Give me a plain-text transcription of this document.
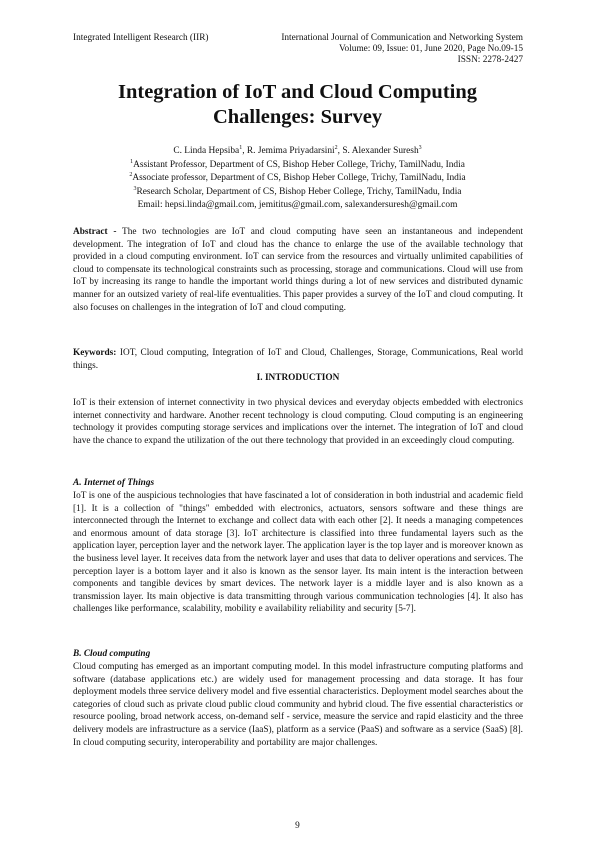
Integrated Intelligent Research (IIR)	International Journal of Communication and Networking System
Volume: 09, Issue: 01, June 2020, Page No.09-15
ISSN: 2278-2427
Integration of IoT and Cloud Computing
Challenges: Survey
C. Linda Hepsiba$^1$, R. Jemima Priyadarsini$^2$, S. Alexander Suresh$^3$
$^1$Assistant Professor, Department of CS, Bishop Heber College, Trichy, TamilNadu, India
$^2$Associate professor, Department of CS, Bishop Heber College, Trichy, TamilNadu, India
$^3$Research Scholar, Department of CS, Bishop Heber College, Trichy, TamilNadu, India
Email: hepsi.linda@gmail.com, jemititus@gmail.com, salexandersuresh@gmail.com
Abstract - The two technologies are IoT and cloud computing have seen an instantaneous and independent development. The integration of IoT and cloud has the chance to enlarge the use of the available technology that provided in a cloud computing environment. IoT can service from the resources and virtually unlimited capabilities of cloud to compensate its technological constraints such as processing, storage and communications. Cloud will use from IoT by increasing its range to handle the important world things during a lot of new services and distributed dynamic manner for an outsized variety of real-life eventualities. This paper provides a survey of the IoT and cloud computing. It also focuses on challenges in the integration of IoT and cloud computing.
Keywords: IOT, Cloud computing, Integration of IoT and Cloud, Challenges, Storage, Communications, Real world things.
I. INTRODUCTION
IoT is their extension of internet connectivity in two physical devices and everyday objects embedded with electronics internet connectivity and hardware. Another recent technology is cloud computing. Cloud computing is an engineering technology it provides computing storage services and implications over the internet. The integration of IoT and cloud have the chance to expand the utilization of the out there technology that provided in an exceedingly cloud computing.
A. Internet of Things
IoT is one of the auspicious technologies that have fascinated a lot of consideration in both industrial and academic field [1]. It is a collection of "things" embedded with electronics, actuators, sensors software and these things are interconnected through the Internet to exchange and collect data with each other [2]. It needs a managing competences and enormous amount of data storage [3]. IoT architecture is classified into three fundamental layers such as the application layer, perception layer and the network layer. The application layer is the top layer and is moreover known as the business level layer. It receives data from the network layer and uses that data to deliver operations and services. The perception layer is a bottom layer and it also is known as the sensor layer. Its main intent is the interaction between components and tangible devices by smart devices. The network layer is a middle layer and is also known as a transmission layer. Its main objective is data transmitting through various communication technologies [4]. It also has challenges like performance, scalability, mobility e availability reliability and security [5-7].
B. Cloud computing
Cloud computing has emerged as an important computing model. In this model infrastructure computing platforms and software (database applications etc.) are widely used for management processing and data storage. It has four deployment models three service delivery model and five essential characteristics. Deployment model searches about the categories of cloud such as private cloud public cloud community and hybrid cloud. The five essential characteristics or resource pooling, broad network access, on-demand self - service, measure the service and rapid elasticity and the three delivery models are infrastructure as a service (IaaS), platform as a service (PaaS) and software as a service (SaaS) [8]. In cloud computing security, interoperability and portability are major challenges.
9
